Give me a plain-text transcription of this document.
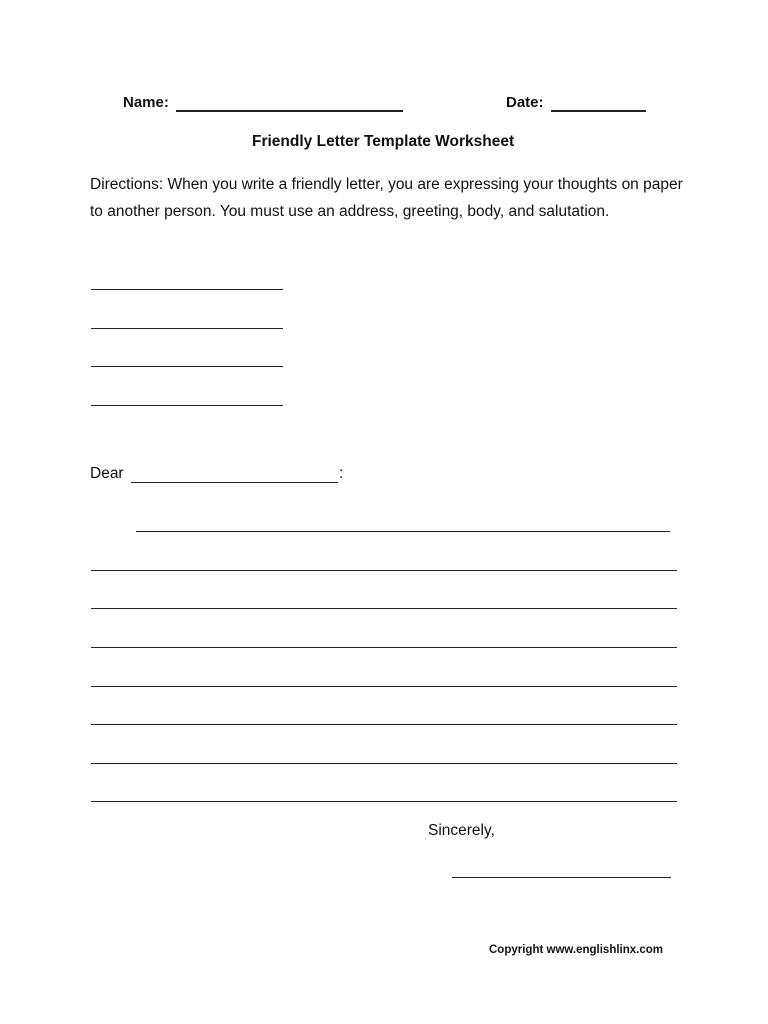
Name:	Date:
Friendly Letter Template Worksheet
Directions: When you write a friendly letter, you are expressing your thoughts on paper to another person. You must use an address, greeting, body, and salutation.
Dear	:
Sincerely,
Copyright www.englishlinx.com
